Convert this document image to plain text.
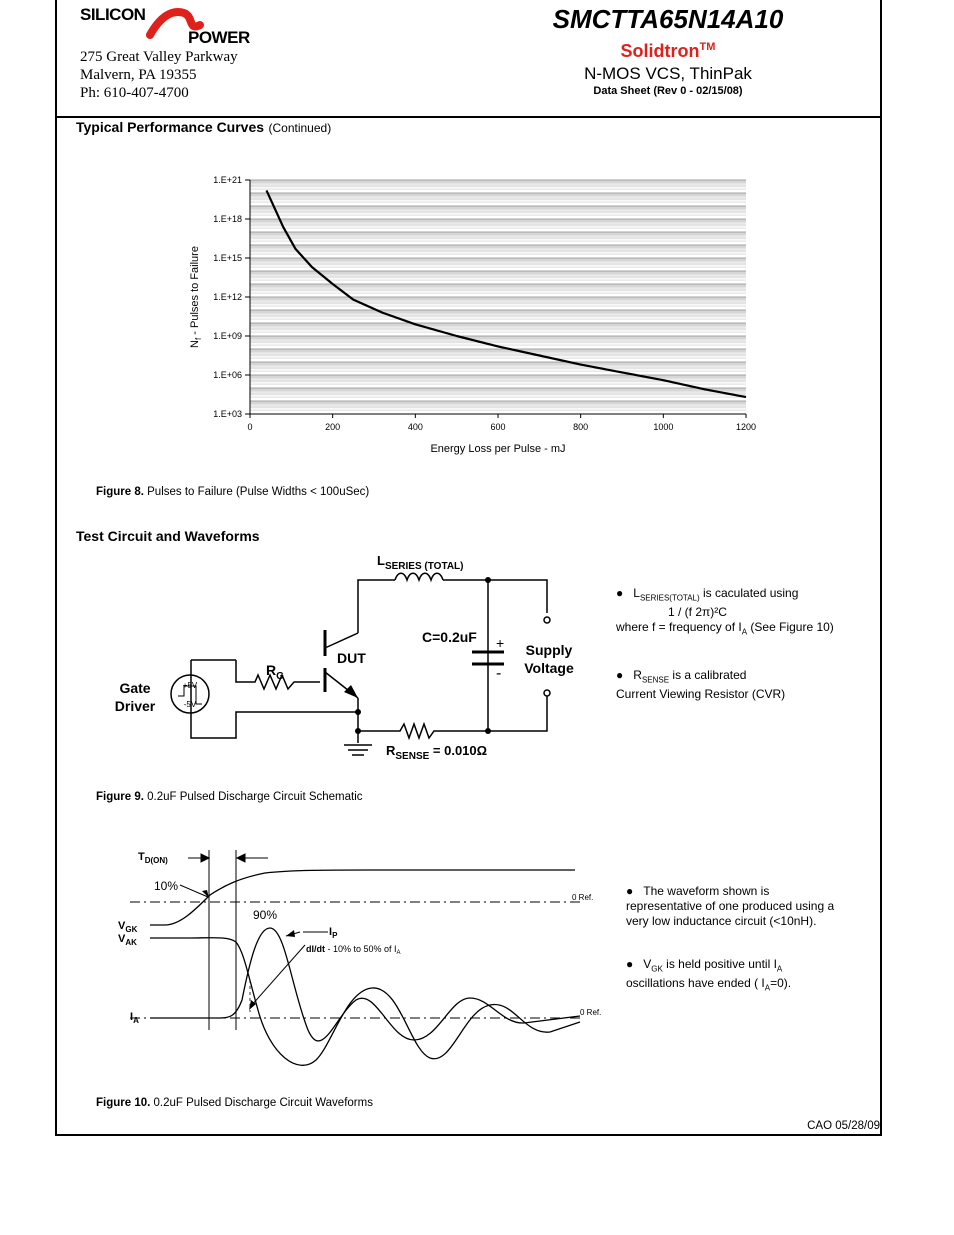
SILICON
POWER
275 Great Valley Parkway
Malvern, PA 19355
Ph: 610-407-4700
SMCTTA65N14A10
Solidtron™
N-MOS VCS, ThinPak
Data Sheet (Rev 0 - 02/15/08)
Typical Performance Curves (Continued)
1.E+03
1.E+06
1.E+09
1.E+12
1.E+15
1.E+18
1.E+21
0	200	400	600	800	1000	1200
Energy Loss per Pulse - mJ
$N_f$ - Pulses to Failure
Figure 8. Pulses to Failure (Pulse Widths < 100uSec)
Test Circuit and Waveforms
$L_{SERIES (TOTAL)}$
C=0.2uF +
-
Supply
Voltage
DUT
$R_G$
Gate
Driver
+5V
-5V
$R_{SENSE} = 0.010\Omega$
● $L_{SERIES(TOTAL)}$ is caculated using
1 / (f 2π)²C
where f = frequency of $I_A$ (See Figure 10)
● $R_{SENSE}$ is a calibrated
Current Viewing Resistor (CVR)
Figure 9. 0.2uF Pulsed Discharge Circuit Schematic
$T_{D(ON)}$
10%
90%
$V_{GK}$
$V_{AK}$
$I_P$
dI/dt - 10% to 50% of $I_A$
$I_A$
0 Ref.
0 Ref.
● The waveform shown is
representative of one produced using a
very low inductance circuit (<10nH).
● $V_{GK}$ is held positive until $I_A$
oscillations have ended ( $I_A=0$).
Figure 10. 0.2uF Pulsed Discharge Circuit Waveforms
CAO 05/28/09
